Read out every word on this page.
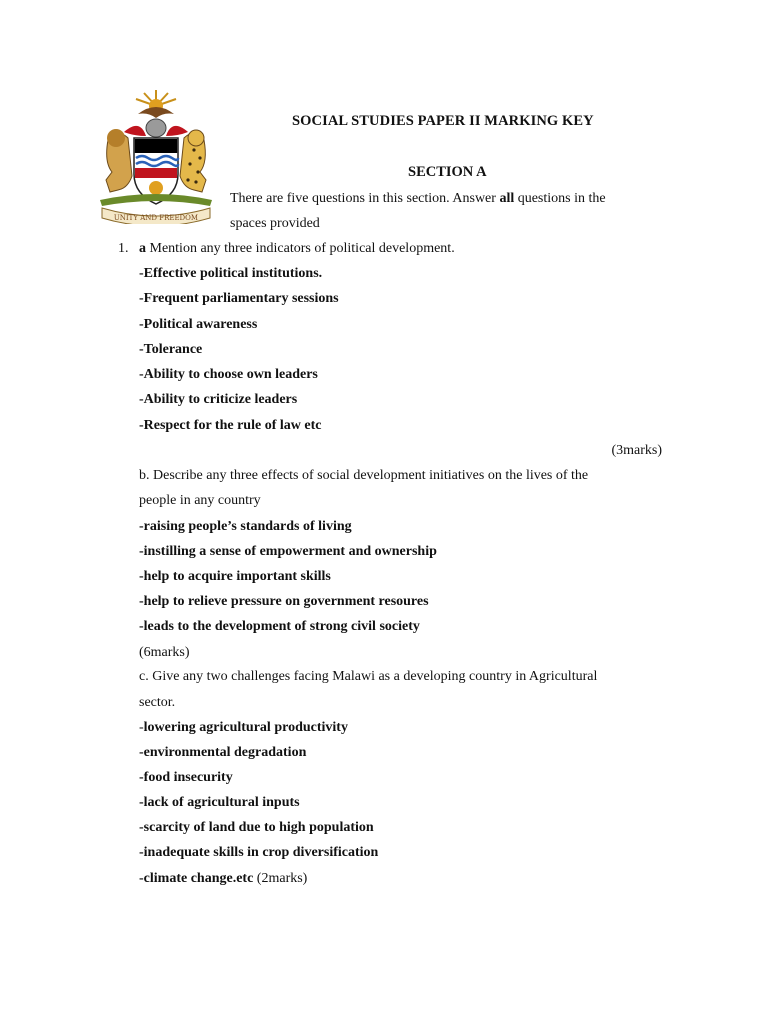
UNITY AND FREEDOM
SOCIAL STUDIES PAPER II MARKING KEY
SECTION A
There are five questions in this section. Answer all questions in the
spaces provided
1. a Mention any three indicators of political development.
-Effective political institutions.
-Frequent parliamentary sessions
-Political awareness
-Tolerance
-Ability to choose own leaders
-Ability to criticize leaders
-Respect for the rule of law etc
(3marks)
b. Describe any three effects of social development initiatives on the lives of the
people in any country
-raising people’s standards of living
-instilling a sense of empowerment and ownership
-help to acquire important skills
-help to relieve pressure on government resoures
-leads to the development of strong civil society
(6marks)
c. Give any two challenges facing Malawi as a developing country in Agricultural
sector.
-lowering agricultural productivity
-environmental degradation
-food insecurity
-lack of agricultural inputs
-scarcity of land due to high population
-inadequate skills in crop diversification
-climate change.etc (2marks)
